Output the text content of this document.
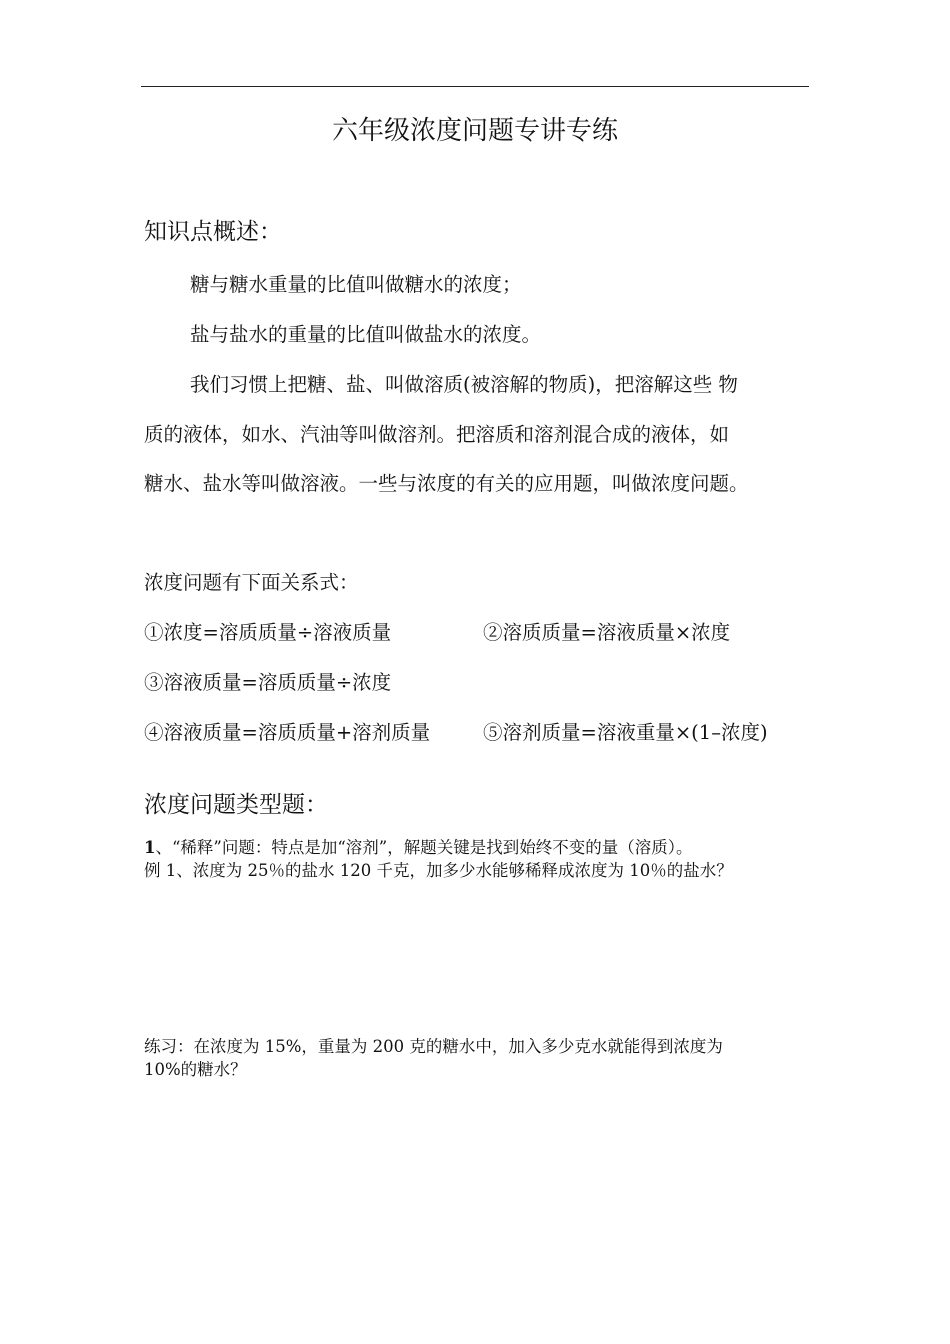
六年级浓度问题专讲专练
知识点概述：
糖与糖水重量的比值叫做糖水的浓度；
盐与盐水的重量的比值叫做盐水的浓度。
我们习惯上把糖、盐、叫做溶质(被溶解的物质)，把溶解这些 物
质的液体，如水、汽油等叫做溶剂。把溶质和溶剂混合成的液体，如
糖水、盐水等叫做溶液。一些与浓度的有关的应用题，叫做浓度问题。
浓度问题有下面关系式：
①浓度=溶质质量÷溶液质量	②溶质质量=溶液质量×浓度
③溶液质量=溶质质量÷浓度
④溶液质量=溶质质量+溶剂质量	⑤溶剂质量=溶液重量×(1–浓度)
浓度问题类型题：
1、“稀释”问题：特点是加“溶剂”，解题关键是找到始终不变的量（溶质）。
例 1、浓度为 25％的盐水 120 千克，加多少水能够稀释成浓度为 10％的盐水？
练习：在浓度为 15%，重量为 200 克的糖水中，加入多少克水就能得到浓度为
10%的糖水？
